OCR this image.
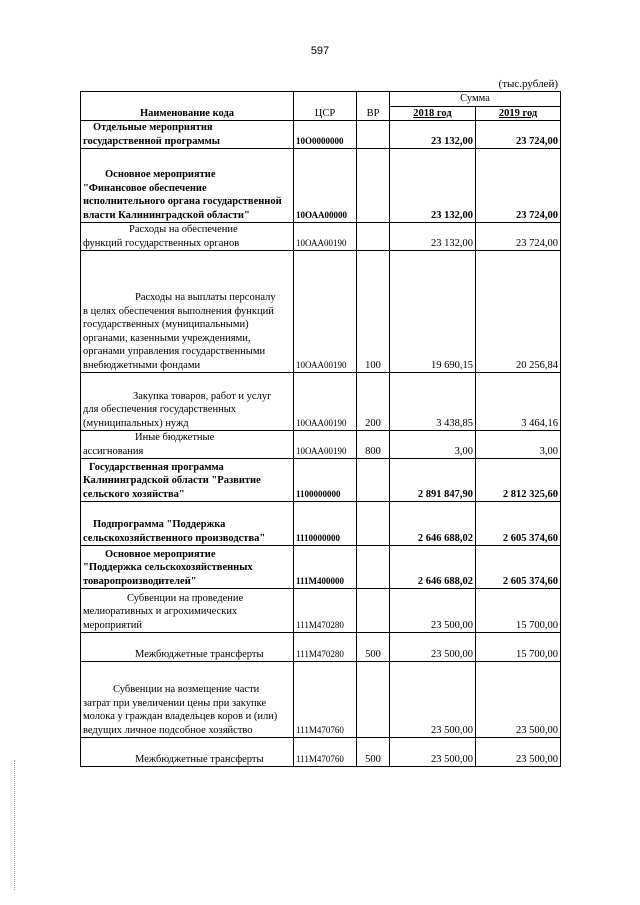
597
(тыс.рублей)
Наименование кода	ЦСР	ВР	Сумма	
			2018 год	2019 год

Отдельные мероприятия
государственной программы	10О0000000		23 132,00	23 724,00

Основное мероприятие
"Финансовое обеспечение исполнительного органа государственной власти Калининградской области"	10ОАА00000		23 132,00	23 724,00

Расходы на обеспечение
функций государственных органов	10ОАА00190		23 132,00	23 724,00

Расходы на выплаты персоналу
в целях обеспечения выполнения функций государственных (муниципальными) органами, казенными учреждениями, органами управления государственными внебюджетными фондами	10ОАА00190	100	19 690,15	20 256,84

Закупка товаров, работ и услуг
для обеспечения государственных (муниципальных) нужд	10ОАА00190	200	3 438,85	3 464,16

Иные бюджетные
ассигнования	10ОАА00190	800	3,00	3,00

Государственная программа
Калининградской области "Развитие сельского хозяйства"	1100000000		2 891 847,90	2 812 325,60

Подпрограмма "Поддержка
сельскохозяйственного производства"	1110000000		2 646 688,02	2 605 374,60

Основное мероприятие
"Поддержка сельскохозяйственных товаропроизводителей"	111М400000		2 646 688,02	2 605 374,60

Субвенции на проведение
мелиоративных и агрохимических мероприятий	111М470280		23 500,00	15 700,00

Межбюджетные трансферты	111М470280	500	23 500,00	15 700,00

Субвенции на возмещение части
затрат при увеличении цены при закупке молока у граждан владельцев коров и (или) ведущих личное подсобное хозяйство	111М470760		23 500,00	23 500,00

Межбюджетные трансферты	111М470760	500	23 500,00	23 500,00
